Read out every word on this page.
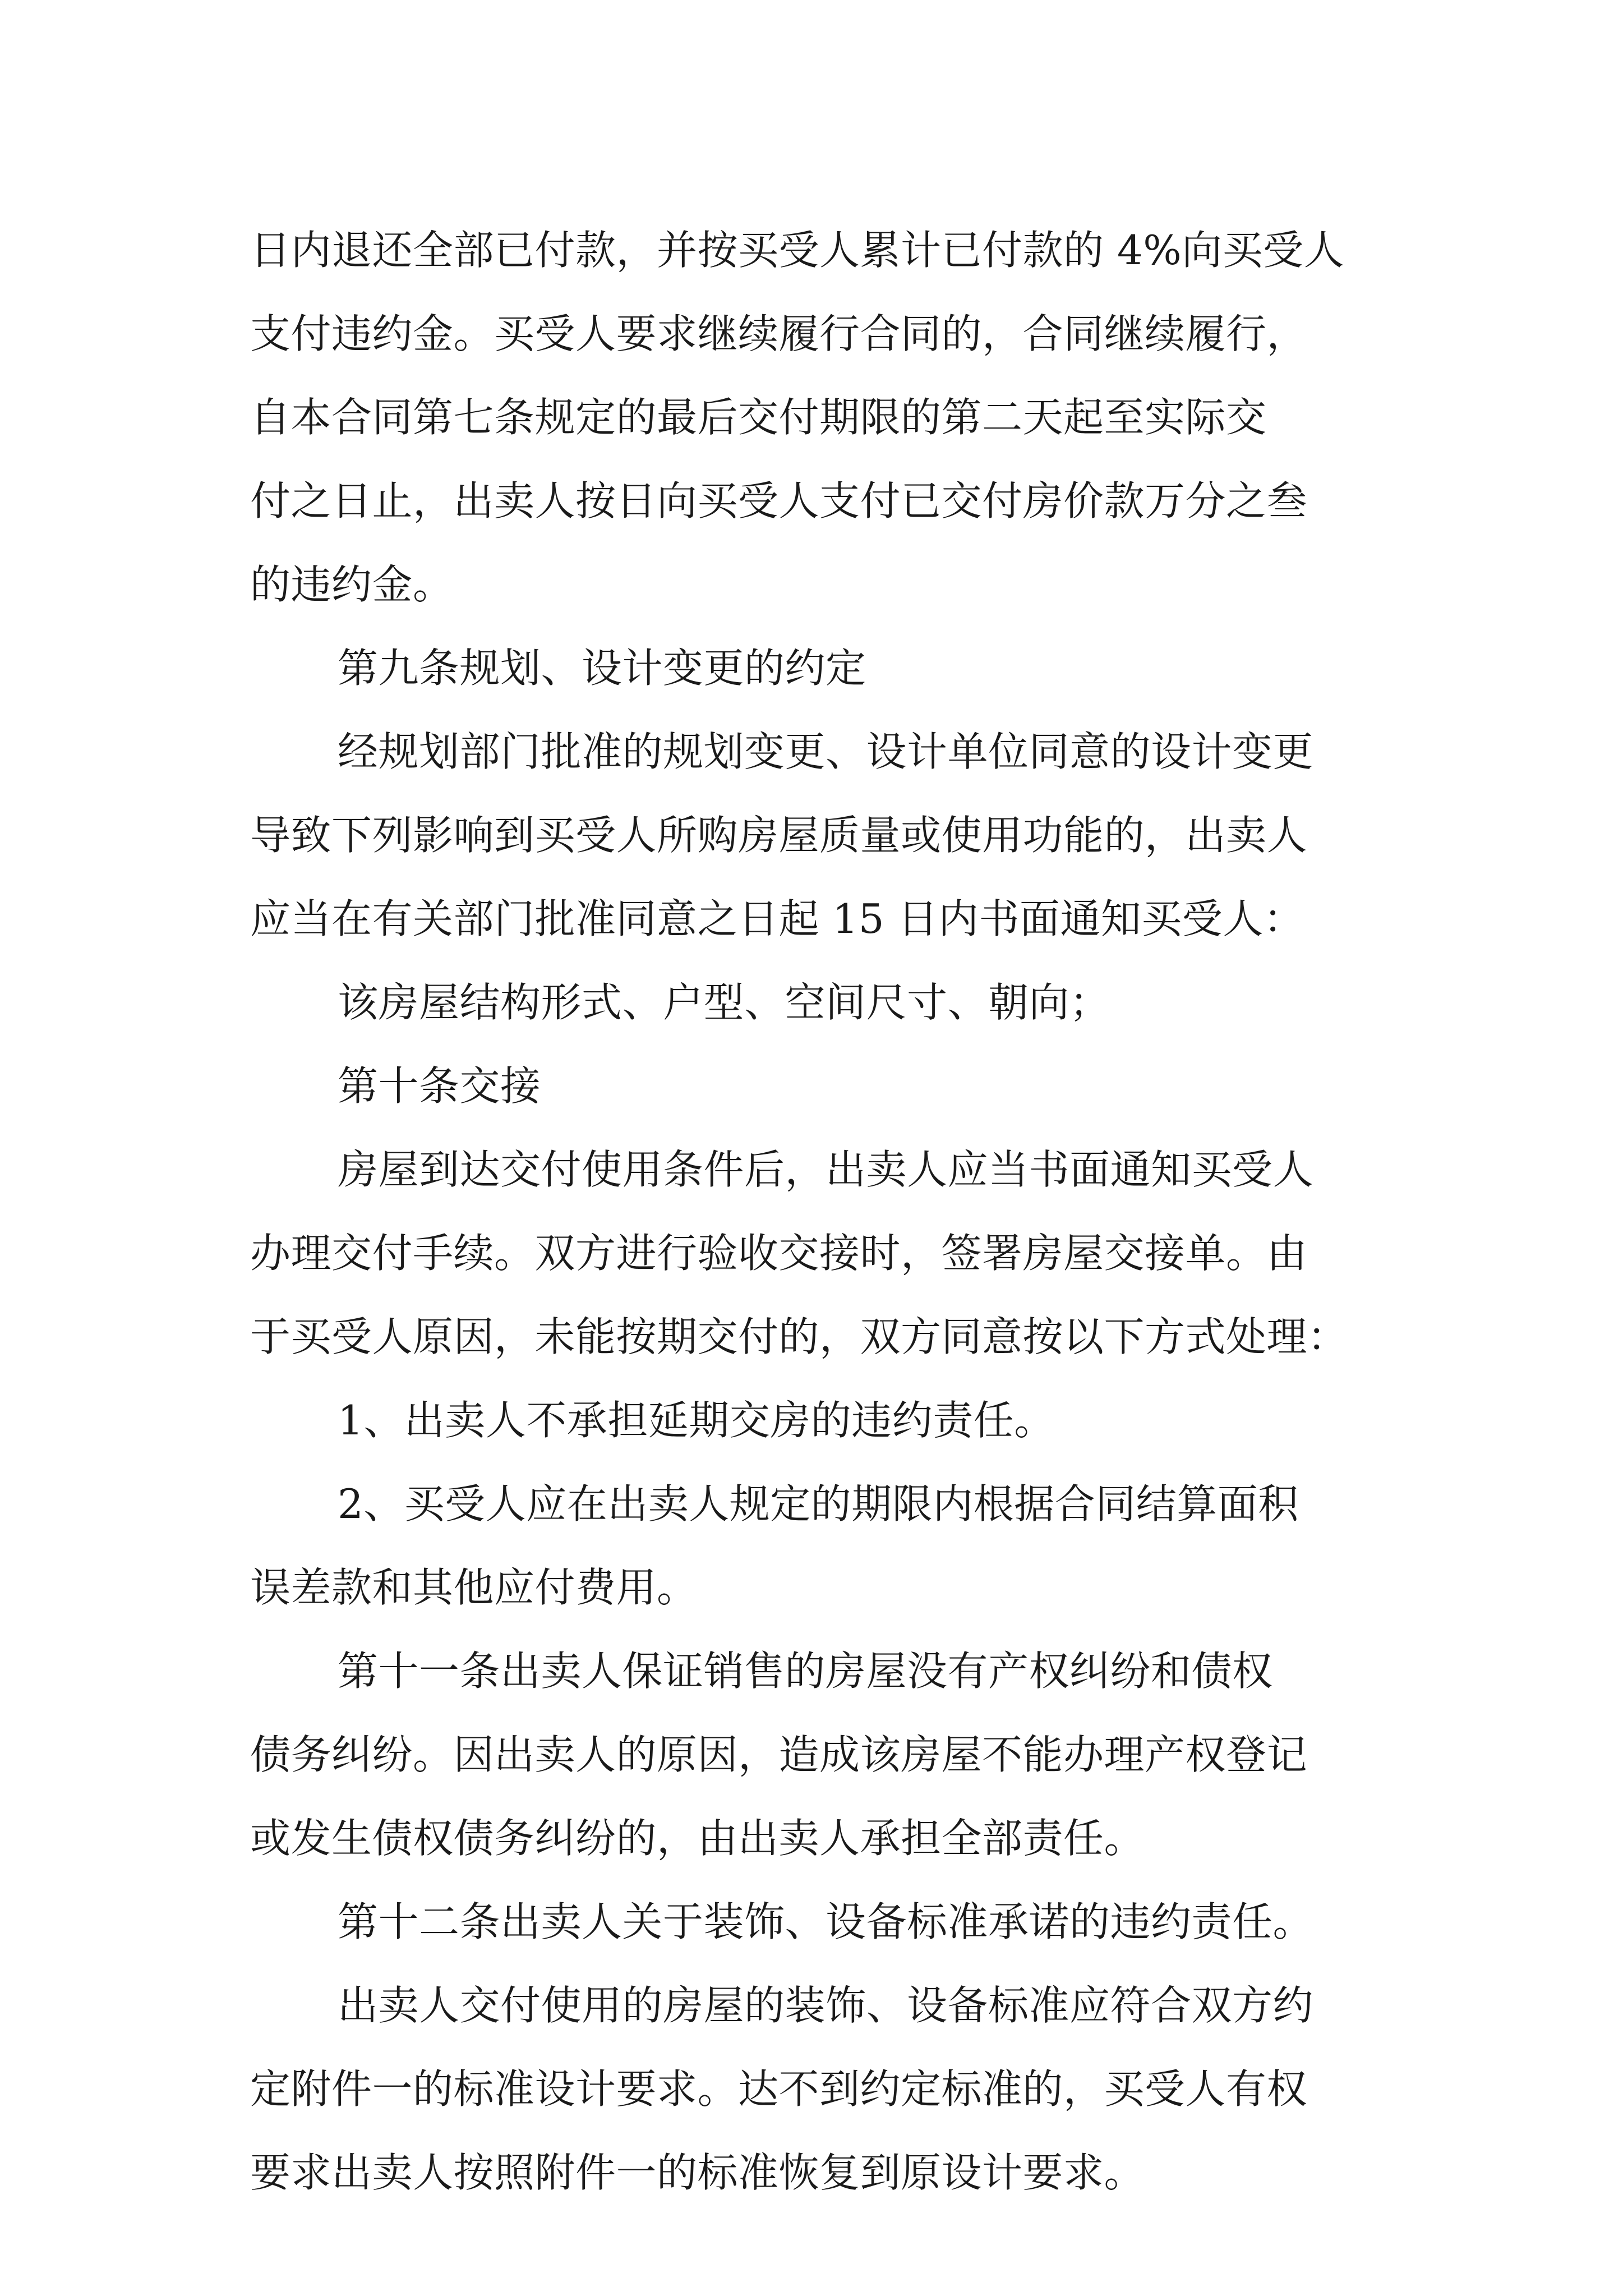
日内退还全部已付款，并按买受人累计已付款的 4%向买受人
支付违约金。买受人要求继续履行合同的，合同继续履行，
自本合同第七条规定的最后交付期限的第二天起至实际交
付之日止，出卖人按日向买受人支付已交付房价款万分之叁
的违约金。
第九条规划、设计变更的约定
经规划部门批准的规划变更、设计单位同意的设计变更
导致下列影响到买受人所购房屋质量或使用功能的，出卖人
应当在有关部门批准同意之日起 15 日内书面通知买受人：
该房屋结构形式、户型、空间尺寸、朝向；
第十条交接
房屋到达交付使用条件后，出卖人应当书面通知买受人
办理交付手续。双方进行验收交接时，签署房屋交接单。由
于买受人原因，未能按期交付的，双方同意按以下方式处理：
1、出卖人不承担延期交房的违约责任。
2、买受人应在出卖人规定的期限内根据合同结算面积
误差款和其他应付费用。
第十一条出卖人保证销售的房屋没有产权纠纷和债权
债务纠纷。因出卖人的原因，造成该房屋不能办理产权登记
或发生债权债务纠纷的，由出卖人承担全部责任。
第十二条出卖人关于装饰、设备标准承诺的违约责任。
出卖人交付使用的房屋的装饰、设备标准应符合双方约
定附件一的标准设计要求。达不到约定标准的，买受人有权
要求出卖人按照附件一的标准恢复到原设计要求。
